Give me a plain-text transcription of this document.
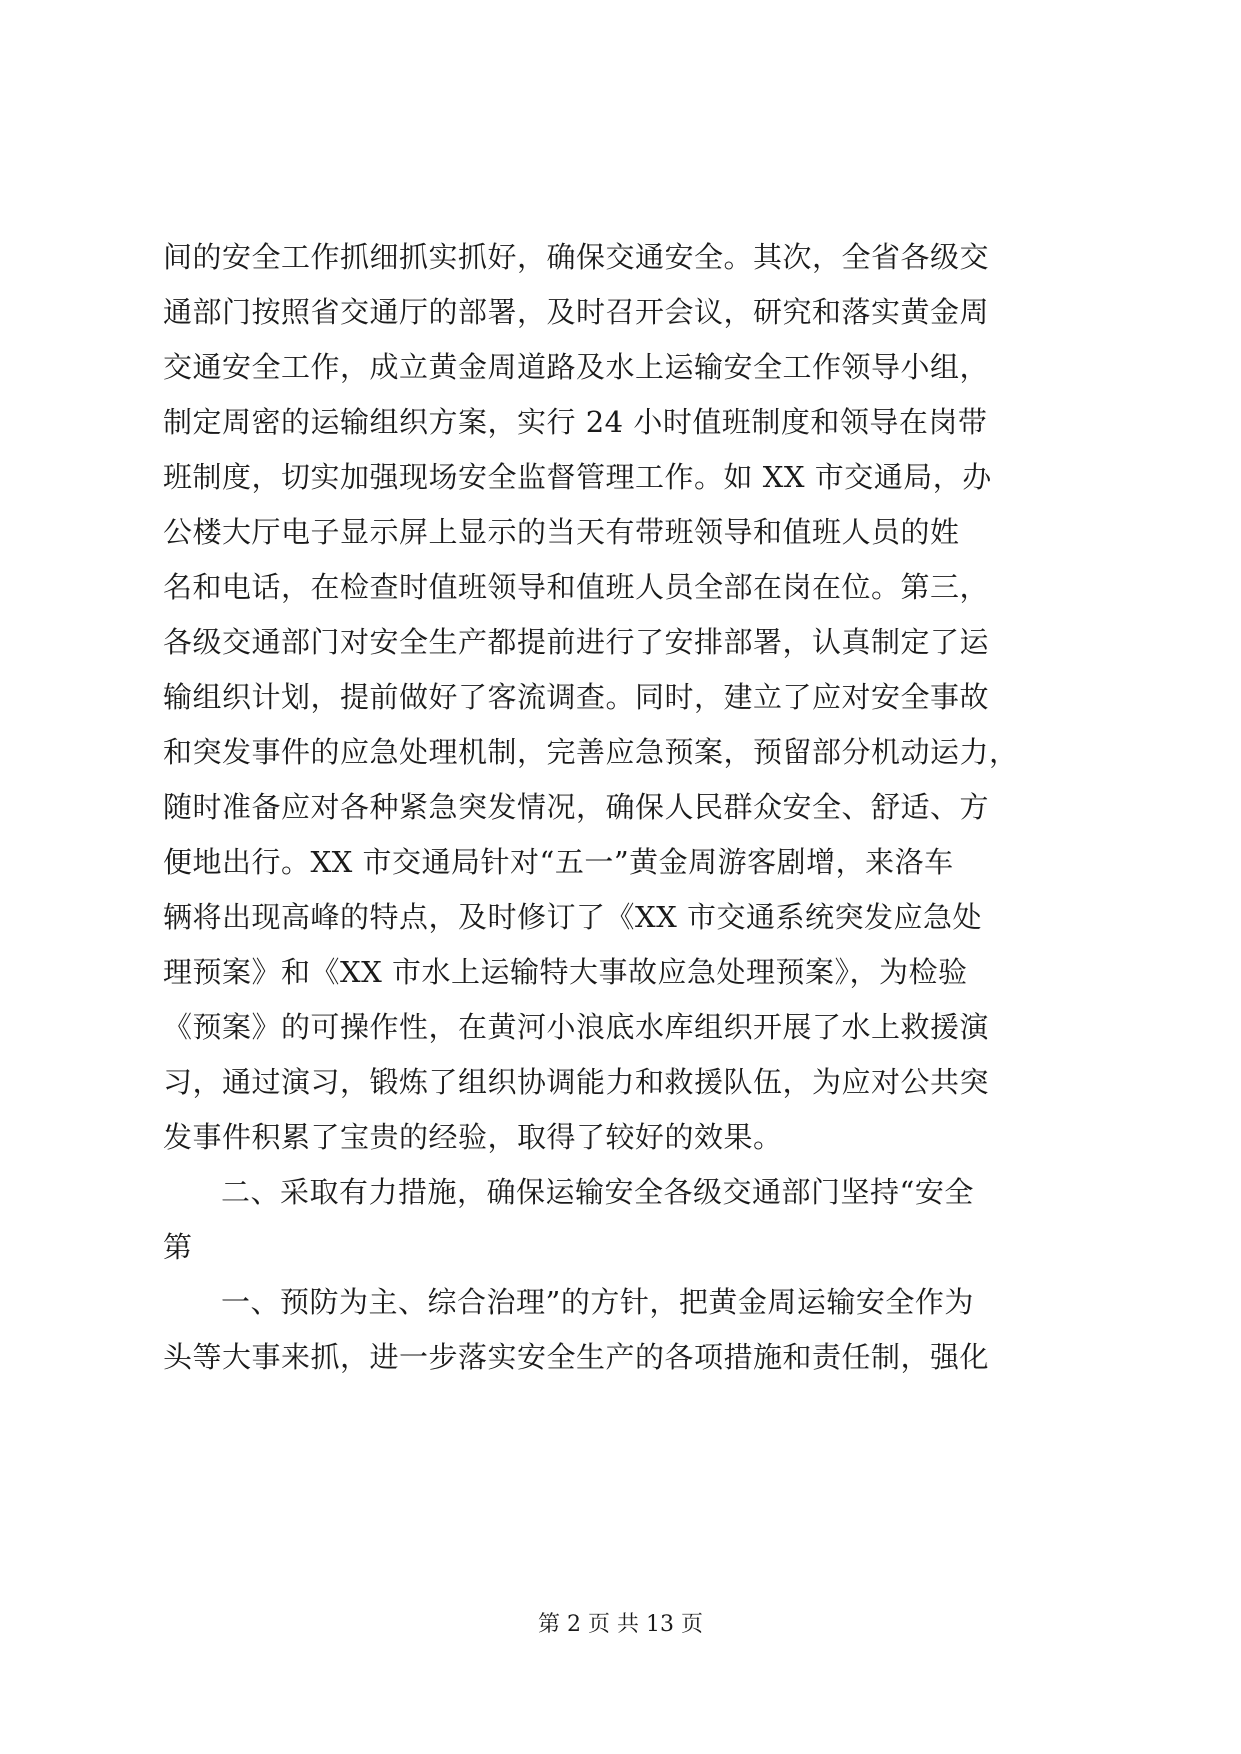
间的安全工作抓细抓实抓好，确保交通安全。其次，全省各级交
通部门按照省交通厅的部署，及时召开会议，研究和落实黄金周
交通安全工作，成立黄金周道路及水上运输安全工作领导小组，
制定周密的运输组织方案，实行 24 小时值班制度和领导在岗带
班制度，切实加强现场安全监督管理工作。如 XX 市交通局，办
公楼大厅电子显示屏上显示的当天有带班领导和值班人员的姓
名和电话，在检查时值班领导和值班人员全部在岗在位。第三，
各级交通部门对安全生产都提前进行了安排部署，认真制定了运
输组织计划，提前做好了客流调查。同时，建立了应对安全事故
和突发事件的应急处理机制，完善应急预案，预留部分机动运力，
随时准备应对各种紧急突发情况，确保人民群众安全、舒适、方
便地出行。XX 市交通局针对“五一”黄金周游客剧增，来洛车
辆将出现高峰的特点，及时修订了《XX 市交通系统突发应急处
理预案》和《XX 市水上运输特大事故应急处理预案》，为检验
《预案》的可操作性，在黄河小浪底水库组织开展了水上救援演
习，通过演习，锻炼了组织协调能力和救援队伍，为应对公共突
发事件积累了宝贵的经验，取得了较好的效果。
二、采取有力措施，确保运输安全各级交通部门坚持“安全
第
一、预防为主、综合治理”的方针，把黄金周运输安全作为
头等大事来抓，进一步落实安全生产的各项措施和责任制，强化
第 2 页 共 13 页
